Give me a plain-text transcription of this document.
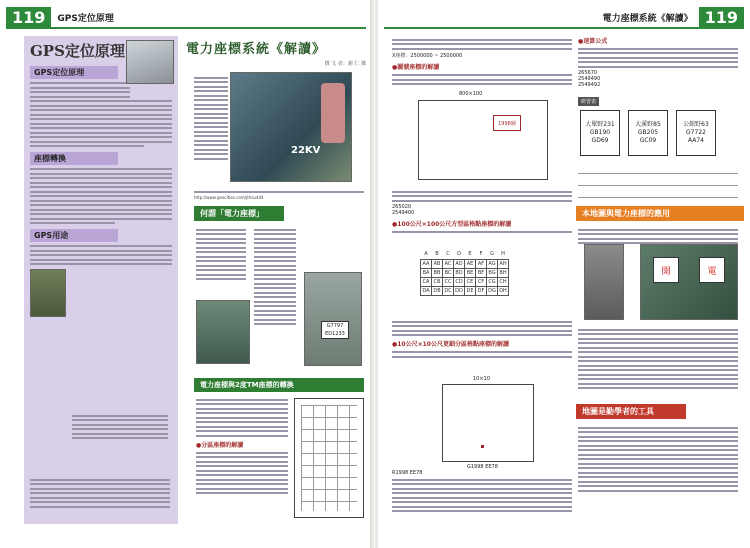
119	GPS定位原理
GPS定位原理
GPS定位原理
座標轉換
GPS用途
電力座標系統《解讀》
撰 文 者：謝 仁 傑
22KV
http://www.geocities.com/jthsu444
何謂「電力座標」
G7797
ED1233
電力座標與2度TM座標的轉換
●分區座標的解讀
電力座標系統《解讀》 119
X座標：2500000 ~ 2500000
●圖號座標的解讀
800×100
1998圖
265020
2549400
●100公尺×100公尺方型區格點座標的解讀
A	B	C	D	E	F	G	H
AA	AB	AC	AD	AE	AF	AG	AH
BA	BB	BC	BD	BE	BF	BG	BH
CA	CB	CC	CD	CE	CF	CG	CH
DA	DB	DC	DD	DE	DF	DG	DH
●10公尺×10公尺更細分區格點座標的解讀
10×10
G1998 EE78
R1998 EE78
●速算公式
265670
2549490
2549492
研習表
大眾野231
GB190
GD69
大溪野85
GB205
GC09
公館野63
G7722
AA74
本地圖與電力座標的應用
開	電
地圖是勤學者的工具
